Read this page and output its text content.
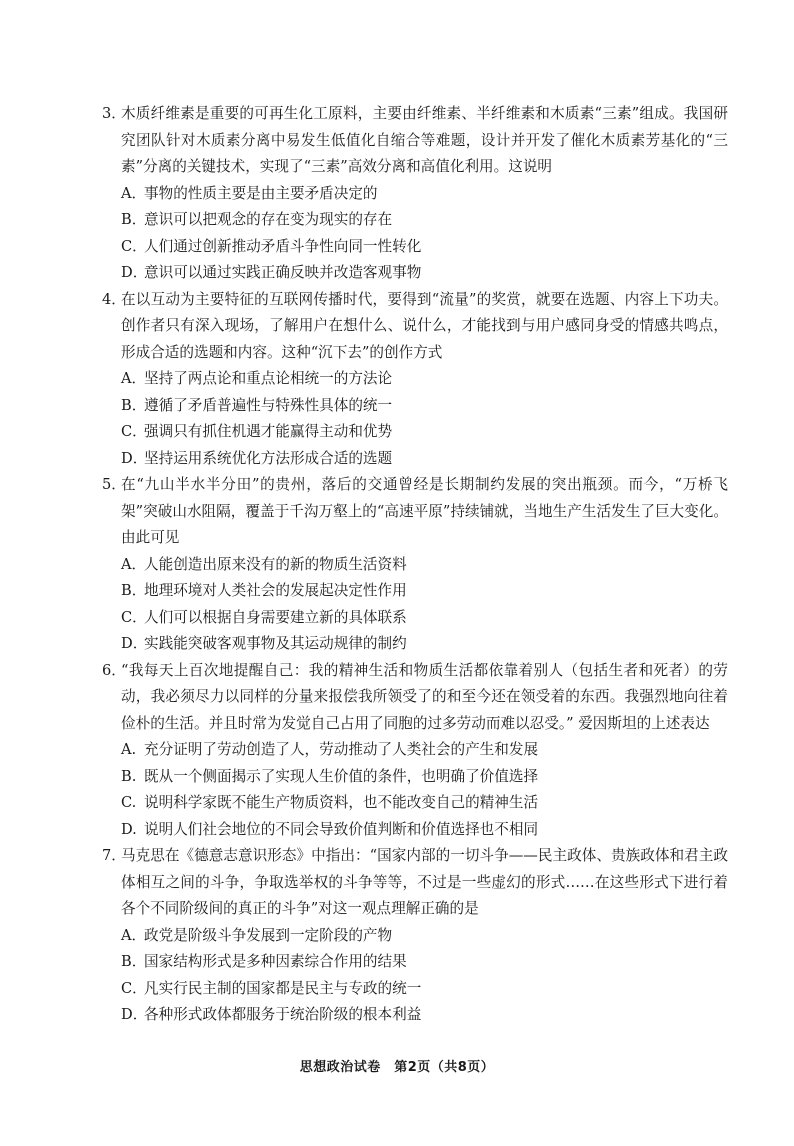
3．
木质纤维素是重要的可再生化工原料，主要由纤维素、半纤维素和木质素“三素”组成。我国研究团队针对木质素分离中易发生低值化自缩合等难题，设计并开发了催化木质素芳基化的“三素”分离的关键技术，实现了“三素”高效分离和高值化利用。这说明
A．
事物的性质主要是由主要矛盾决定的
B．
意识可以把观念的存在变为现实的存在
C．
人们通过创新推动矛盾斗争性向同一性转化
D．
意识可以通过实践正确反映并改造客观事物
4．
在以互动为主要特征的互联网传播时代，要得到“流量”的奖赏，就要在选题、内容上下功夫。创作者只有深入现场，了解用户在想什么、说什么，才能找到与用户感同身受的情感共鸣点，形成合适的选题和内容。这种“沉下去”的创作方式
A．
坚持了两点论和重点论相统一的方法论
B．
遵循了矛盾普遍性与特殊性具体的统一
C．
强调只有抓住机遇才能赢得主动和优势
D．
坚持运用系统优化方法形成合适的选题
5．
在“九山半水半分田”的贵州，落后的交通曾经是长期制约发展的突出瓶颈。而今，“万桥飞架”突破山水阻隔，覆盖于千沟万壑上的“高速平原”持续铺就，当地生产生活发生了巨大变化。由此可见
A．
人能创造出原来没有的新的物质生活资料
B．
地理环境对人类社会的发展起决定性作用
C．
人们可以根据自身需要建立新的具体联系
D．
实践能突破客观事物及其运动规律的制约
6．
“我每天上百次地提醒自己：我的精神生活和物质生活都依靠着别人（包括生者和死者）的劳动，我必须尽力以同样的分量来报偿我所领受了的和至今还在领受着的东西。我强烈地向往着俭朴的生活。并且时常为发觉自己占用了同胞的过多劳动而难以忍受。” 爱因斯坦的上述表达
A. 充分证明了劳动创造了人，劳动推动了人类社会的产生和发展
B. 既从一个侧面揭示了实现人生价值的条件，也明确了价值选择
C. 说明科学家既不能生产物质资料，也不能改变自己的精神生活
D. 说明人们社会地位的不同会导致价值判断和价值选择也不相同
7．
马克思在《德意志意识形态》中指出：“国家内部的一切斗争——民主政体、贵族政体和君主政体相互之间的斗争，争取选举权的斗争等等，不过是一些虚幻的形式……在这些形式下进行着各个不同阶级间的真正的斗争”对这一观点理解正确的是
A．
政党是阶级斗争发展到一定阶段的产物
B．
国家结构形式是多种因素综合作用的结果
C．
凡实行民主制的国家都是民主与专政的统一
D．
各种形式政体都服务于统治阶级的根本利益
思想政治试卷　第2页（共8页）
